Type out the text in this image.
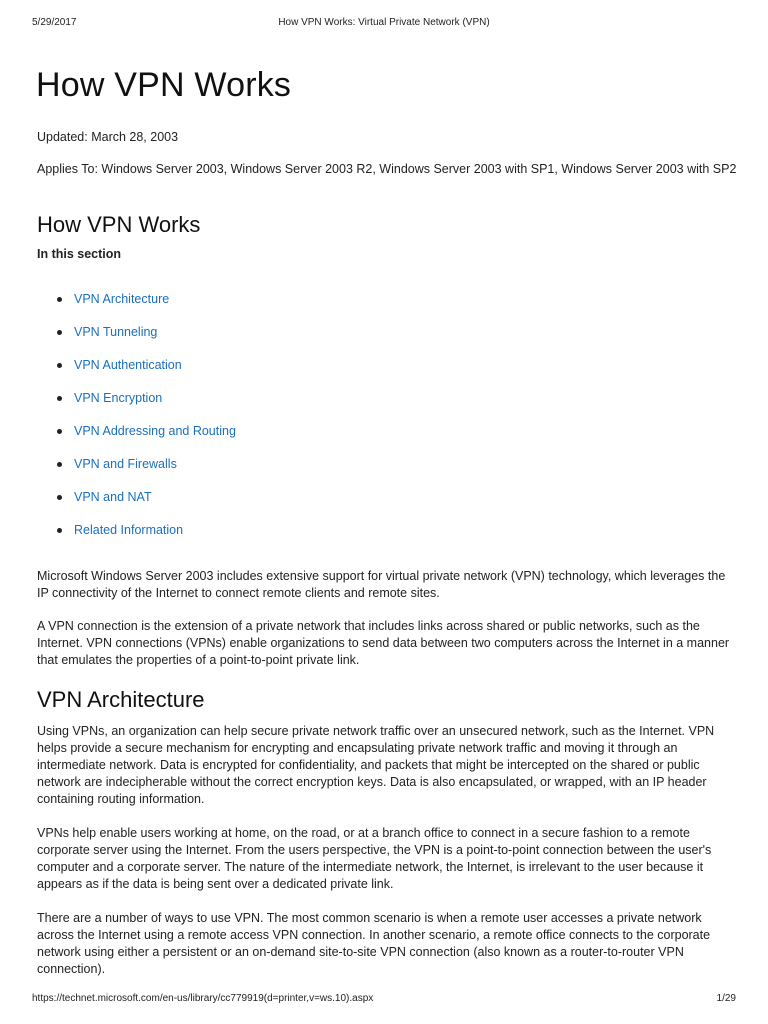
5/29/2017	How VPN Works: Virtual Private Network (VPN)
How VPN Works

Updated: March 28, 2003

Applies To: Windows Server 2003, Windows Server 2003 R2, Windows Server 2003 with SP1, Windows Server 2003 with SP2

How VPN Works

In this section

VPN Architecture
VPN Tunneling
VPN Authentication
VPN Encryption
VPN Addressing and Routing
VPN and Firewalls
VPN and NAT
Related Information

Microsoft Windows Server 2003 includes extensive support for virtual private network (VPN) technology, which leverages the IP connectivity of the Internet to connect remote clients and remote sites.

A VPN connection is the extension of a private network that includes links across shared or public networks, such as the Internet. VPN connections (VPNs) enable organizations to send data between two computers across the Internet in a manner that emulates the properties of a point-to-point private link.

VPN Architecture

Using VPNs, an organization can help secure private network traffic over an unsecured network, such as the Internet. VPN helps provide a secure mechanism for encrypting and encapsulating private network traffic and moving it through an intermediate network. Data is encrypted for confidentiality, and packets that might be intercepted on the shared or public network are indecipherable without the correct encryption keys. Data is also encapsulated, or wrapped, with an IP header containing routing information.

VPNs help enable users working at home, on the road, or at a branch office to connect in a secure fashion to a remote corporate server using the Internet. From the users perspective, the VPN is a point-to-point connection between the user's computer and a corporate server. The nature of the intermediate network, the Internet, is irrelevant to the user because it appears as if the data is being sent over a dedicated private link.

There are a number of ways to use VPN. The most common scenario is when a remote user accesses a private network across the Internet using a remote access VPN connection. In another scenario, a remote office connects to the corporate network using either a persistent or an on-demand site-to-site VPN connection (also known as a router-to-router VPN connection).

https://technet.microsoft.com/en-us/library/cc779919(d=printer,v=ws.10).aspx	1/29
